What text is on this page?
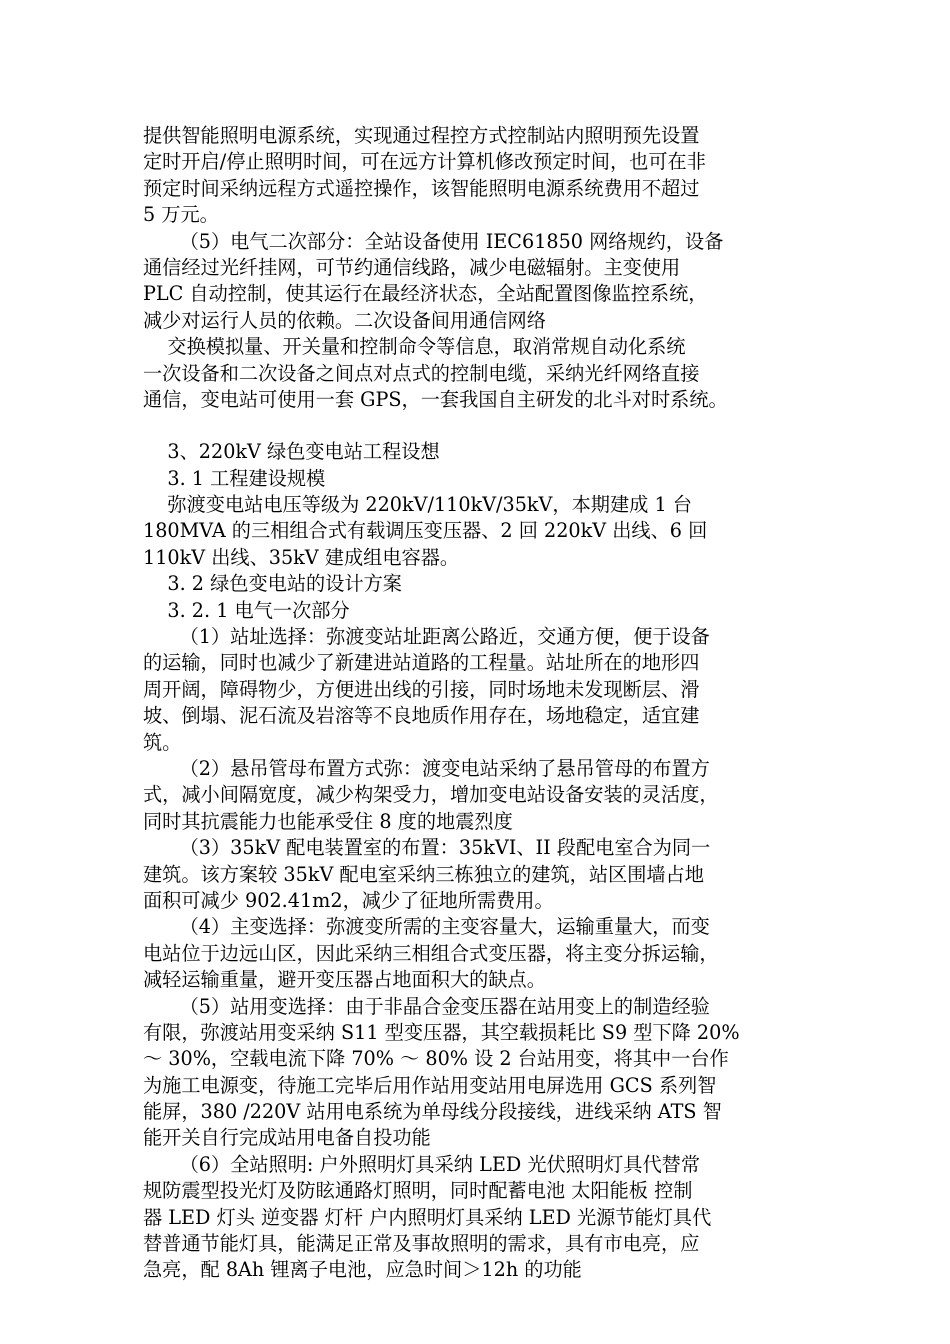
提供智能照明电源系统，实现通过程控方式控制站内照明预先设置
定时开启/停止照明时间，可在远方计算机修改预定时间，也可在非
预定时间采纳远程方式遥控操作，该智能照明电源系统费用不超过
5 万元。
（5）电气二次部分：全站设备使用 IEC61850 网络规约，设备
通信经过光纤挂网，可节约通信线路，减少电磁辐射。主变使用
PLC 自动控制，使其运行在最经济状态，全站配置图像监控系统，
减少对运行人员的依赖。二次设备间用通信网络
交换模拟量、开关量和控制命令等信息，取消常规自动化系统
一次设备和二次设备之间点对点式的控制电缆，采纳光纤网络直接
通信，变电站可使用一套 GPS，一套我国自主研发的北斗对时系统。
3、220kV 绿色变电站工程设想
3. 1 工程建设规模
弥渡变电站电压等级为 220kV/110kV/35kV，本期建成 1 台
180MVA 的三相组合式有载调压变压器、2 回 220kV 出线、6 回
110kV 出线、35kV 建成组电容器。
3. 2 绿色变电站的设计方案
3. 2. 1 电气一次部分
（1）站址选择：弥渡变站址距离公路近，交通方便，便于设备
的运输，同时也减少了新建进站道路的工程量。站址所在的地形四
周开阔，障碍物少，方便进出线的引接，同时场地未发现断层、滑
坡、倒塌、泥石流及岩溶等不良地质作用存在，场地稳定，适宜建
筑。
（2）悬吊管母布置方式弥：渡变电站采纳了悬吊管母的布置方
式，减小间隔宽度，减少构架受力，增加变电站设备安装的灵活度，
同时其抗震能力也能承受住 8 度的地震烈度
（3）35kV 配电装置室的布置：35kVI、II 段配电室合为同一
建筑。该方案较 35kV 配电室采纳三栋独立的建筑，站区围墙占地
面积可减少 902.41m2，减少了征地所需费用。
（4）主变选择：弥渡变所需的主变容量大，运输重量大，而变
电站位于边远山区，因此采纳三相组合式变压器，将主变分拆运输，
减轻运输重量，避开变压器占地面积大的缺点。
（5）站用变选择：由于非晶合金变压器在站用变上的制造经验
有限，弥渡站用变采纳 S11 型变压器，其空载损耗比 S9 型下降 20%
～ 30%，空载电流下降 70% ～ 80% 设 2 台站用变，将其中一台作
为施工电源变，待施工完毕后用作站用变站用电屏选用 GCS 系列智
能屏，380 /220V 站用电系统为单母线分段接线，进线采纳 ATS 智
能开关自行完成站用电备自投功能
（6）全站照明: 户外照明灯具采纳 LED 光伏照明灯具代替常
规防震型投光灯及防眩通路灯照明，同时配蓄电池 太阳能板 控制
器 LED 灯头 逆变器 灯杆 户内照明灯具采纳 LED 光源节能灯具代
替普通节能灯具，能满足正常及事故照明的需求，具有市电亮，应
急亮，配 8Ah 锂离子电池，应急时间＞12h 的功能
